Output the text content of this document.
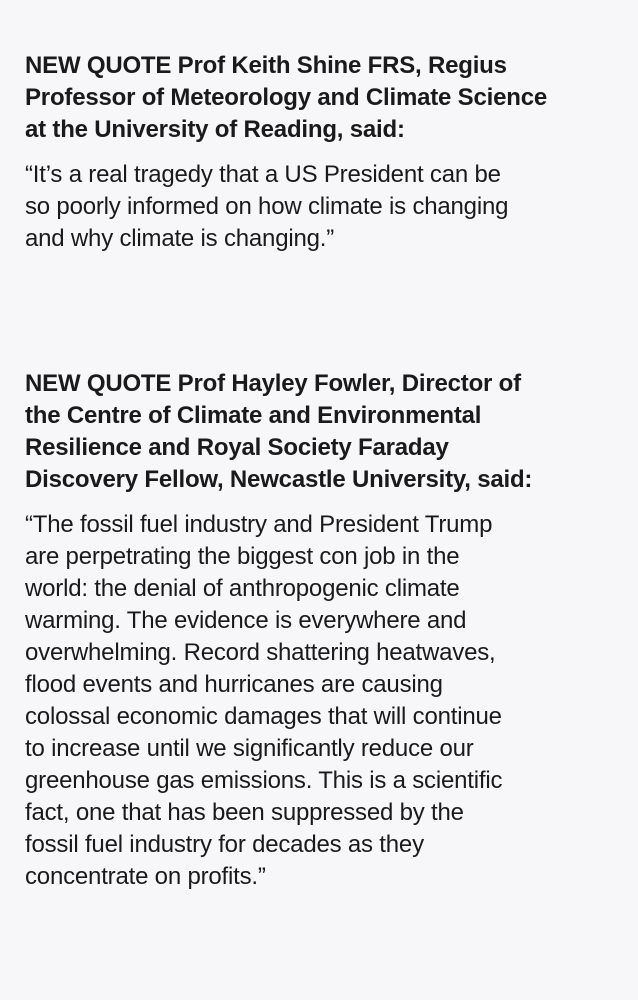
NEW QUOTE Prof Keith Shine FRS, Regius
Professor of Meteorology and Climate Science
at the University of Reading, said:

“It’s a real tragedy that a US President can be
so poorly informed on how climate is changing
and why climate is changing.”

NEW QUOTE Prof Hayley Fowler, Director of
the Centre of Climate and Environmental
Resilience and Royal Society Faraday
Discovery Fellow, Newcastle University, said:

“The fossil fuel industry and President Trump
are perpetrating the biggest con job in the
world: the denial of anthropogenic climate
warming. The evidence is everywhere and
overwhelming. Record shattering heatwaves,
flood events and hurricanes are causing
colossal economic damages that will continue
to increase until we significantly reduce our
greenhouse gas emissions. This is a scientific
fact, one that has been suppressed by the
fossil fuel industry for decades as they
concentrate on profits.”
